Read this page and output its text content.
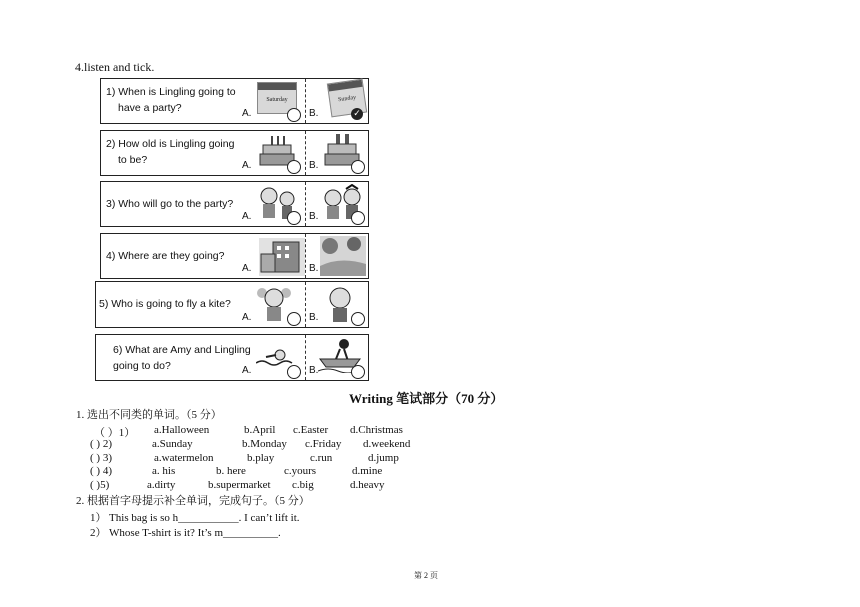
4.listen and tick.
1) When is Lingling going to
have a party?	A.
Saturday
B.
Sunday
✓
2) How old is Lingling going
to be?	A.	B.
3) Who will go to the party?
A.	B.
4) Where are they going?
A.	B.
5) Who is going to fly a kite?
A.	B.
6) What are Amy and Lingling
going to do?	A.	B.
Writing 笔试部分（70 分）
1. 选出不同类的单词。（5 分）
（ ）1） a.Halloween	b.April c.Easter d.Christmas
( ) 2)	a.Sunday	b.Monday c.Friday d.weekend
( ) 3)	a.watermelon	b.play	c.run	d.jump
( ) 4)	a. his	b. here	c.yours	d.mine
( )5)	a.dirty	b.supermarket c.big	d.heavy
2. 根据首字母提示补全单词，完成句子。（5 分）
1） This bag is so h___________. I can’t lift it.
2） Whose T-shirt is it? It’s m__________.
第 2 页
